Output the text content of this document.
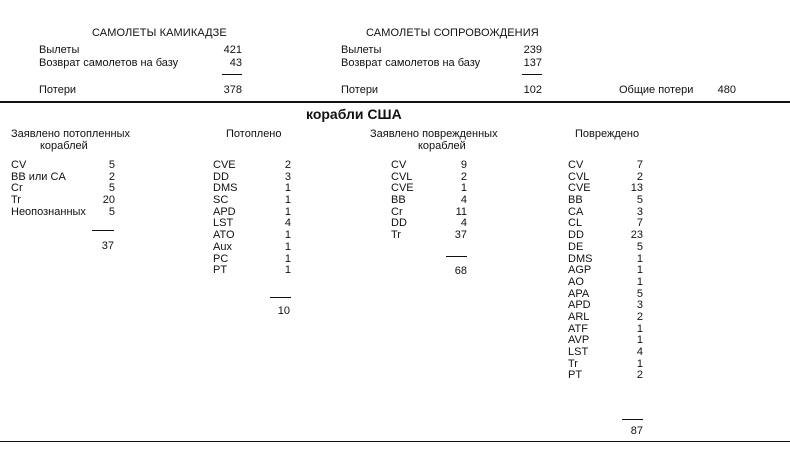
САМОЛЕТЫ КАМИКАДЗЕ
Вылеты	421
Возврат самолетов на базу	43
Потери	378
САМОЛЕТЫ СОПРОВОЖДЕНИЯ
Вылеты	239
Возврат самолетов на базу	137
Потери	102	Общие потери	480
корабли США
Заявлено потопленных
кораблей
CV	5
BB или CA	2
Cr	5
Tr	20
Неопознанных 5
37
Потоплено
CVE	2
DD	3
DMS	1
SC	1
APD	1
LST	4
ATO	1
Aux	1
PC	1
PT	1
10
Заявлено поврежденных
кораблей
CV	9
CVL	2
CVE	1
BB	4
Cr	11
DD	4
Tr	37
68
Повреждено
CV	7
CVL	2
CVE	13
BB	5
CA	3
CL	7
DD	23
DE	5
DMS	1
AGP	1
AO	1
APA	5
APD	3
ARL	2
ATF	1
AVP	1
LST	4
Tr	1
PT	2
87
